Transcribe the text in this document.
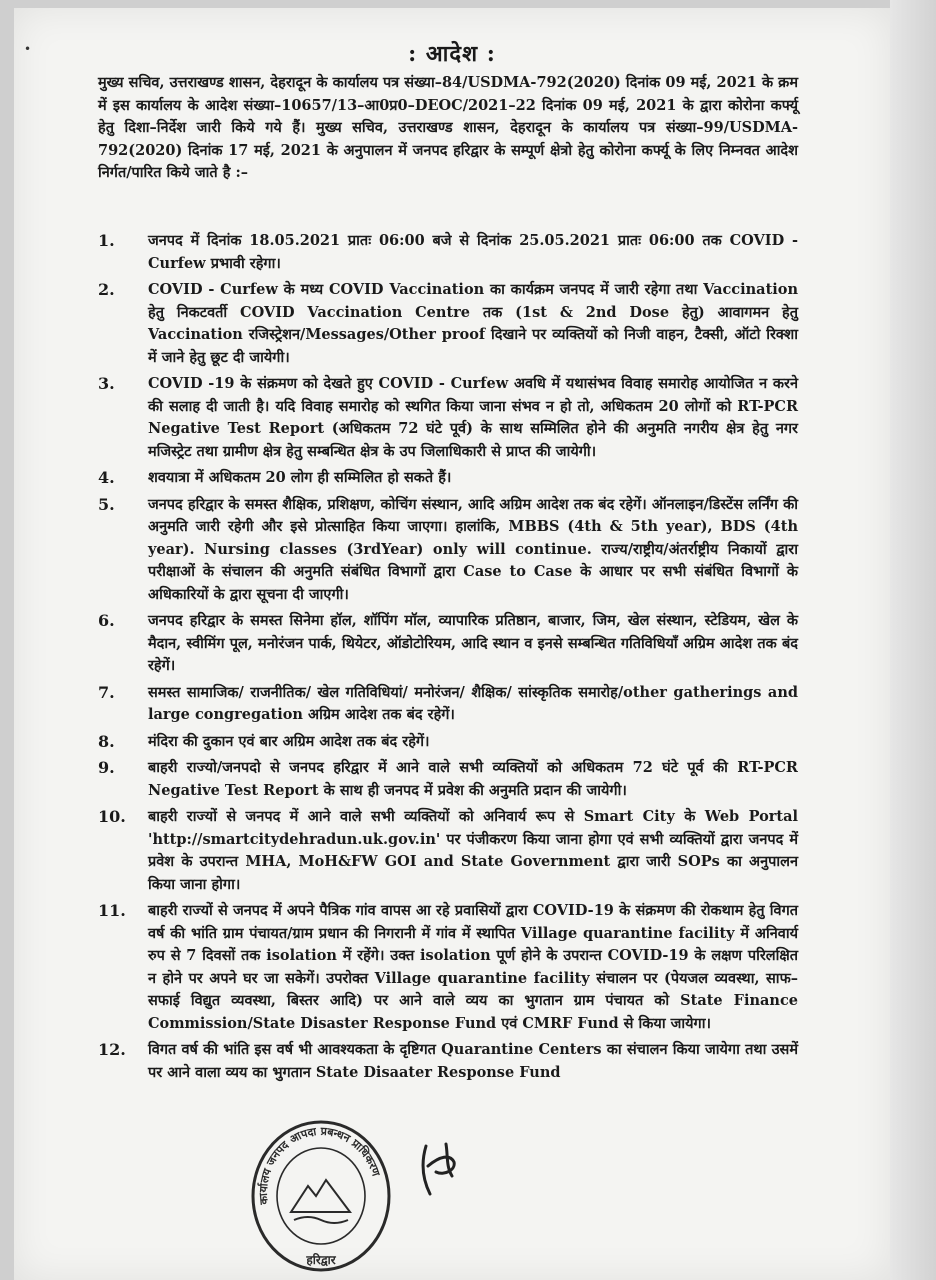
•	: आदेश :
मुख्य सचिव, उत्तराखण्ड शासन, देहरादून के कार्यालय पत्र संख्या–84/USDMA-792(2020) दिनांक 09 मई, 2021 के क्रम में इस कार्यालय के आदेश संख्या–10657/13–आ0प्र0–DEOC/2021–22 दिनांक 09 मई, 2021 के द्वारा कोरोना कर्फ्यू हेतु दिशा–निर्देश जारी किये गये हैं। मुख्य सचिव, उत्तराखण्ड शासन, देहरादून के कार्यालय पत्र संख्या–99/USDMA-792(2020) दिनांक 17 मई, 2021 के अनुपालन में जनपद हरिद्वार के सम्पूर्ण क्षेत्रो हेतु कोरोना कर्फ्यू के लिए निम्नवत आदेश निर्गत/पारित किये जाते है :–
1.	जनपद में दिनांक 18.05.2021 प्रातः 06:00 बजे से दिनांक 25.05.2021 प्रातः 06:00 तक COVID - Curfew प्रभावी रहेगा।
2.	COVID - Curfew के मध्य COVID Vaccination का कार्यक्रम जनपद में जारी रहेगा तथा Vaccination हेतु निकटवर्ती COVID Vaccination Centre तक (1st & 2nd Dose हेतु) आवागमन हेतु Vaccination रजिस्ट्रेशन/Messages/Other proof दिखाने पर व्यक्तियों को निजी वाहन, टैक्सी, ऑटो रिक्शा में जाने हेतु छूट दी जायेगी।
3.	COVID -19 के संक्रमण को देखते हुए COVID - Curfew अवधि में यथासंभव विवाह समारोह आयोजित न करने की सलाह दी जाती है। यदि विवाह समारोह को स्थगित किया जाना संभव न हो तो, अधिकतम 20 लोगों को RT-PCR Negative Test Report (अधिकतम 72 घंटे पूर्व) के साथ सम्मिलित होने की अनुमति नगरीय क्षेत्र हेतु नगर मजिस्ट्रेट तथा ग्रामीण क्षेत्र हेतु सम्बन्धित क्षेत्र के उप जिलाधिकारी से प्राप्त की जायेगी।
4.	शवयात्रा में अधिकतम 20 लोग ही सम्मिलित हो सकते हैं।
5.	जनपद हरिद्वार के समस्त शैक्षिक, प्रशिक्षण, कोचिंग संस्थान, आदि अग्रिम आदेश तक बंद रहेगें। ऑनलाइन/डिस्टेंस लर्निंग की अनुमति जारी रहेगी और इसे प्रोत्साहित किया जाएगा। हालांकि, MBBS (4th & 5th year), BDS (4th year). Nursing classes (3rdYear) only will continue. राज्य/राष्ट्रीय/अंतर्राष्ट्रीय निकायों द्वारा परीक्षाओं के संचालन की अनुमति संबंधित विभागों द्वारा Case to Case के आधार पर सभी संबंधित विभागों के अधिकारियों के द्वारा सूचना दी जाएगी।
6.	जनपद हरिद्वार के समस्त सिनेमा हॉल, शॉपिंग मॉल, व्यापारिक प्रतिष्ठान, बाजार, जिम, खेल संस्थान, स्टेडियम, खेल के मैदान, स्वीमिंग पूल, मनोरंजन पार्क, थियेटर, ऑडोटोरियम, आदि स्थान व इनसे सम्बन्धित गतिविधियाँ अग्रिम आदेश तक बंद रहेगें।
7.	समस्त सामाजिक/ राजनीतिक/ खेल गतिविधियां/ मनोरंजन/ शैक्षिक/ सांस्कृतिक समारोह/other gatherings and large congregation अग्रिम आदेश तक बंद रहेगें।
8.	मंदिरा की दुकान एवं बार अग्रिम आदेश तक बंद रहेगें।
9.	बाहरी राज्यो/जनपदो से जनपद हरिद्वार में आने वाले सभी व्यक्तियों को अधिकतम 72 घंटे पूर्व की RT-PCR Negative Test Report के साथ ही जनपद में प्रवेश की अनुमति प्रदान की जायेगी।
10.	बाहरी राज्यों से जनपद में आने वाले सभी व्यक्तियों को अनिवार्य रूप से Smart City के Web Portal 'http://smartcitydehradun.uk.gov.in' पर पंजीकरण किया जाना होगा एवं सभी व्यक्तियों द्वारा जनपद में प्रवेश के उपरान्त MHA, MoH&FW GOI and State Government द्वारा जारी SOPs का अनुपालन किया जाना होगा।
11.	बाहरी राज्यों से जनपद में अपने पैत्रिक गांव वापस आ रहे प्रवासियों द्वारा COVID-19 के संक्रमण की रोकथाम हेतु विगत वर्ष की भांति ग्राम पंचायत/ग्राम प्रधान की निगरानी में गांव में स्थापित Village quarantine facility में अनिवार्य रुप से 7 दिवसों तक isolation में रहेंगे। उक्त isolation पूर्ण होने के उपरान्त COVID-19 के लक्षण परिलक्षित न होने पर अपने घर जा सकेगें। उपरोक्त Village quarantine facility संचालन पर (पेयजल व्यवस्था, साफ–सफाई विद्युत व्यवस्था, बिस्तर आदि) पर आने वाले व्यय का भुगतान ग्राम पंचायत को State Finance Commission/State Disaster Response Fund एवं CMRF Fund से किया जायेगा।
12.	विगत वर्ष की भांति इस वर्ष भी आवश्यकता के दृष्टिगत Quarantine Centers का संचालन किया जायेगा तथा उसमें पर आने वाला व्यय का भुगतान State Disaater Response Fund
कार्यालय जनपद आपदा प्रबन्धन प्राधिकरण
हरिद्वार
